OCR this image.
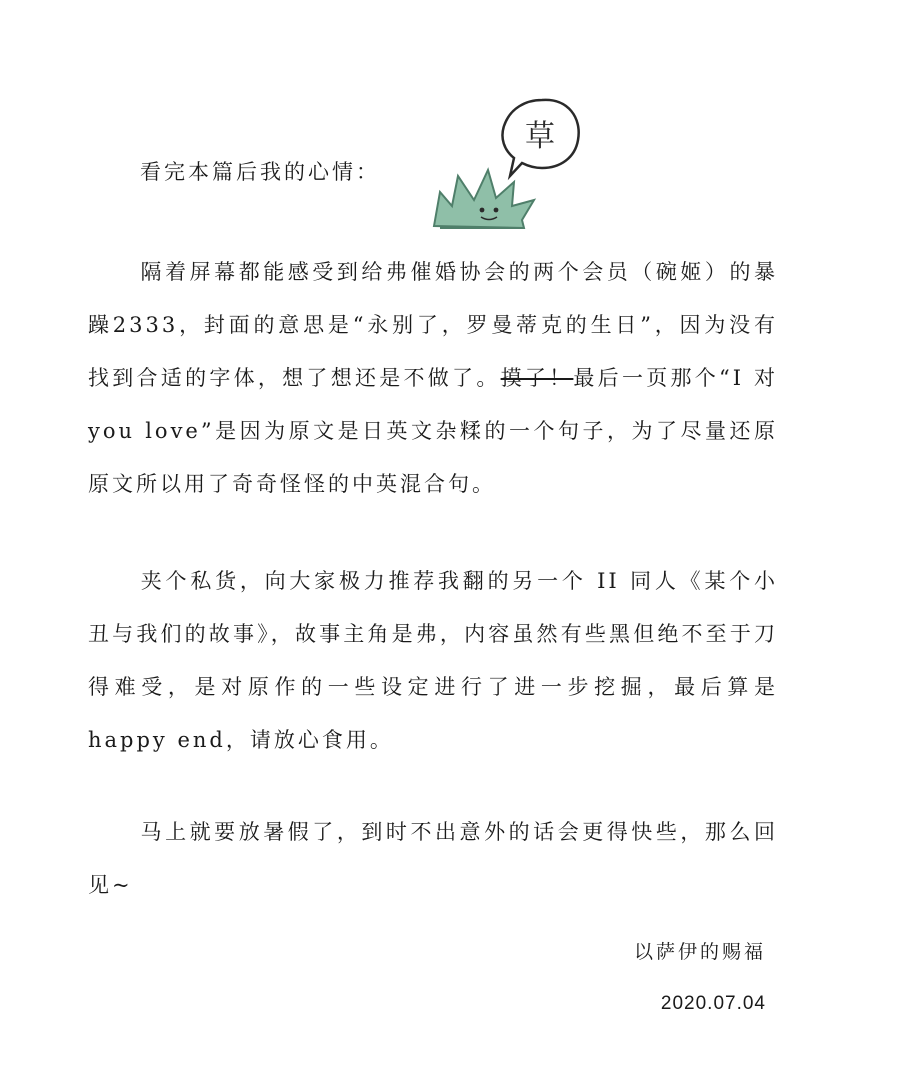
看完本篇后我的心情：
草
隔着屏幕都能感受到给弗催婚协会的两个会员（碗姬）的暴躁2333，封面的意思是“永别了，罗曼蒂克的生日”，因为没有找到合适的字体，想了想还是不做了。摸了！最后一页那个“I 对 you love”是因为原文是日英文杂糅的一个句子，为了尽量还原原文所以用了奇奇怪怪的中英混合句。
夹个私货，向大家极力推荐我翻的另一个 II 同人《某个小丑与我们的故事》，故事主角是弗，内容虽然有些黑但绝不至于刀得难受，是对原作的一些设定进行了进一步挖掘，最后算是 happy end，请放心食用。
马上就要放暑假了，到时不出意外的话会更得快些，那么回见~
以萨伊的赐福
2020.07.04
